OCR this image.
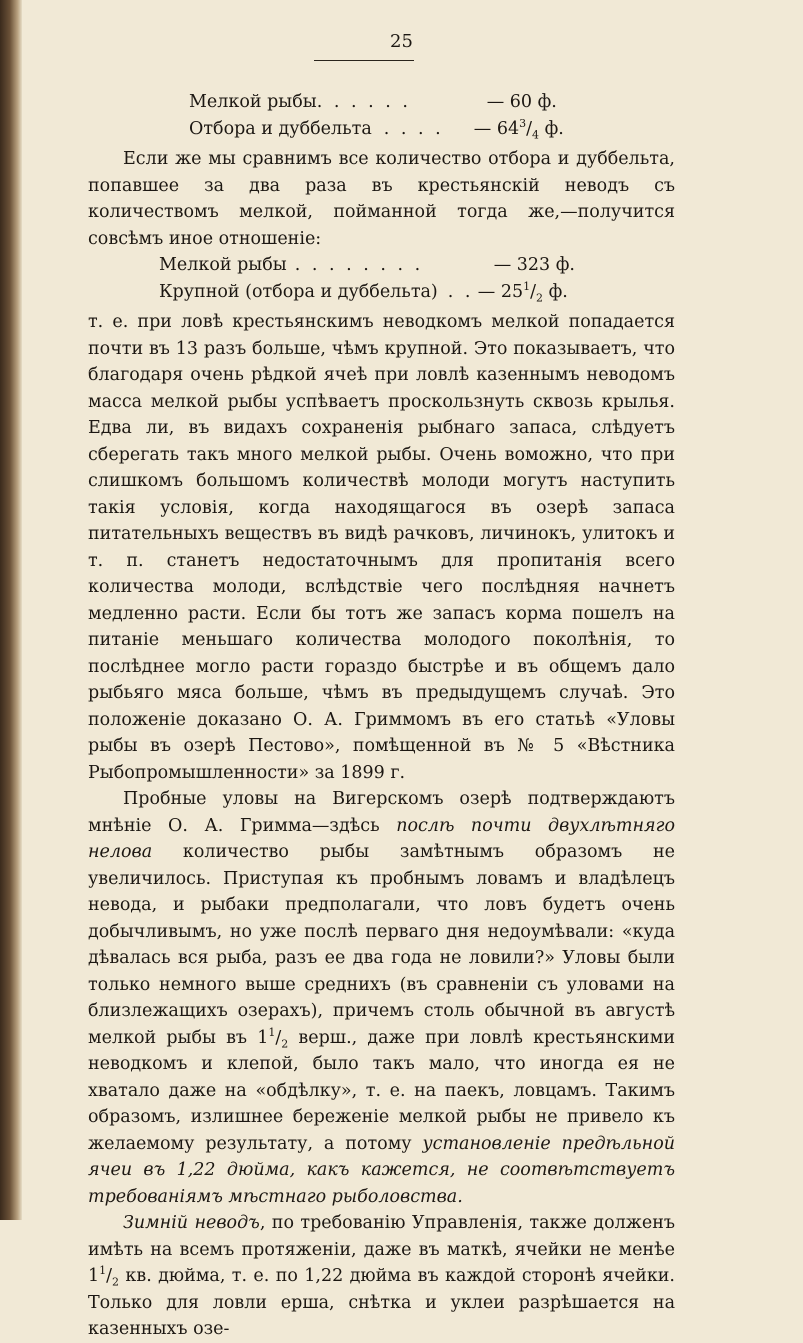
25
Мелкой рыбы . . . . . .	— 60 ф.
Отбора и дуббельта . . . .	— $64^3/_4$ ф.

Если же мы сравнимъ все количество отбора и дуббельта, попавшее за два раза въ крестьянскій неводъ съ количествомъ мелкой, пойманной тогда же,—получится совсѣмъ иное отношеніе:

Мелкой рыбы . . . . . . . .	— 323 ф.
Крупной (отбора и дуббельта) . . — $25^1/_2$ ф.

т. е. при ловѣ крестьянскимъ неводкомъ мелкой попадается почти въ 13 разъ больше, чѣмъ крупной. Это показываетъ, что благодаря очень рѣдкой ячеѣ при ловлѣ казеннымъ неводомъ масса мелкой рыбы успѣваетъ проскользнуть сквозь крылья. Едва ли, въ видахъ сохраненія рыбнаго запаса, слѣдуетъ сберегать такъ много мелкой рыбы. Очень воможно, что при слишкомъ большомъ количествѣ молоди могутъ наступить такія условія, когда находящагося въ озерѣ запаса питательныхъ веществъ въ видѣ рачковъ, личинокъ, улитокъ и т. п. станетъ недостаточнымъ для пропитанія всего количества молоди, вслѣдствіе чего послѣдняя начнетъ медленно расти. Если бы тотъ же запасъ корма пошелъ на питаніе меньшаго количества молодого поколѣнія, то послѣднее могло расти гораздо быстрѣе и въ общемъ дало рыбьяго мяса больше, чѣмъ въ предыдущемъ случаѣ. Это положеніе доказано О. А. Гриммомъ въ его статьѣ «Уловы рыбы въ озерѣ Пестово», помѣщенной въ № 5 «Вѣстника Рыбопромышленности» за 1899 г.

Пробные уловы на Вигерскомъ озерѣ подтверждаютъ мнѣніе О. А. Гримма—здѣсь послѣ почти двухлѣтняго нелова количество рыбы замѣтнымъ образомъ не увеличилось. Приступая къ пробнымъ ловамъ и владѣлецъ невода, и рыбаки предполагали, что ловъ будетъ очень добычливымъ, но уже послѣ перваго дня недоумѣвали: «куда дѣвалась вся рыба, разъ ее два года не ловили?» Уловы были только немного выше среднихъ (въ сравненіи съ уловами на близлежащихъ озерахъ), причемъ столь обычной въ августѣ мелкой рыбы въ $1^1/_2$ верш., даже при ловлѣ крестьянскими неводкомъ и клепой, было такъ мало, что иногда ея не хватало даже на «обдѣлку», т. е. на паекъ, ловцамъ. Такимъ образомъ, излишнее береженіе мелкой рыбы не привело къ желаемому результату, а потому установленіе предѣльной ячеи въ 1,22 дюйма, какъ кажется, не соотвѣтствуетъ требованіямъ мѣстнаго рыболовства.

Зимній неводъ, по требованію Управленія, также долженъ имѣть на всемъ протяженіи, даже въ маткѣ, ячейки не менѣе $1^1/_2$ кв. дюйма, т. е. по 1,22 дюйма въ каждой сторонѣ ячейки. Только для ловли ерша, снѣтка и уклеи разрѣшается на казенныхъ озе-
